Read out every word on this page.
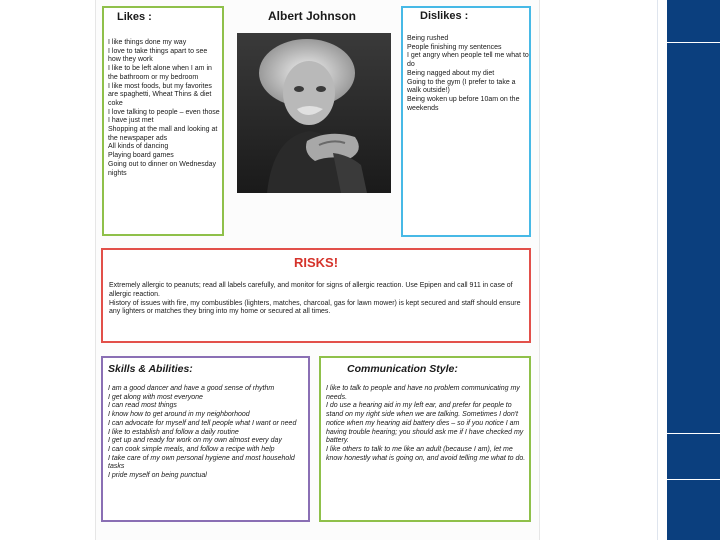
Likes :
I like things done my way
I love to take things apart to see how they work
I like to be left alone when I am in the bathroom or my bedroom
I like most foods, but my favorites are spaghetti, Wheat Thins & diet coke
I love talking to people – even those I have just met
Shopping at the mall and looking at the newspaper ads
All kinds of dancing
Playing board games
Going out to dinner on Wednesday nights
Albert Johnson	Dislikes :
Being rushed
People finishing my sentences
I get angry when people tell me what to do
Being nagged about my diet
Going to the gym (I prefer to take a walk outside!)
Being woken up before 10am on the weekends
RISKS!
Extremely allergic to peanuts; read all labels carefully, and monitor for signs of allergic reaction. Use Epipen and call 911 in case of allergic reaction.
History of issues with fire, my combustibles (lighters, matches, charcoal, gas for lawn mower) is kept secured and staff should ensure any lighters or matches they bring into my home or secured at all times.
Skills & Abilities:
I am a good dancer and have a good sense of rhythm
I get along with most everyone
I can read most things
I know how to get around in my neighborhood
I can advocate for myself and tell people what I want or need
I like to establish and follow a daily routine
I get up and ready for work on my own almost every day
I can cook simple meals, and follow a recipe with help
I take care of my own personal hygiene and most household tasks
I pride myself on being punctual
Communication Style:
I like to talk to people and have no problem communicating my needs.
I do use a hearing aid in my left ear, and prefer for people to stand on my right side when we are talking. Sometimes I don't notice when my hearing aid battery dies – so if you notice I am having trouble hearing; you should ask me if I have checked my battery.
I like others to talk to me like an adult (because I am), let me know honestly what is going on, and avoid telling me what to do.
